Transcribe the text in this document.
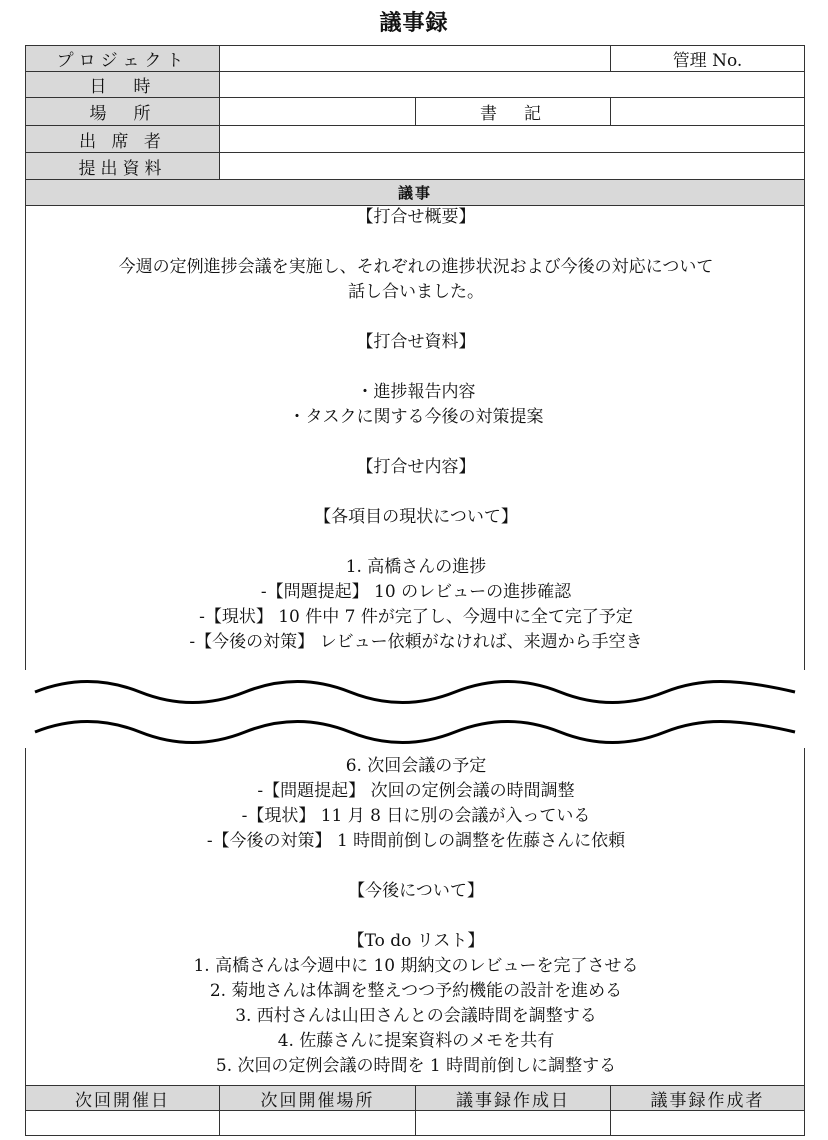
議事録
プロジェクト	管理 No.
日　時
場　所	書　記
出 席 者
提出資料
議事
【打合せ概要】
今週の定例進捗会議を実施し、それぞれの進捗状況および今後の対応について
話し合いました。
【打合せ資料】
・進捗報告内容
・タスクに関する今後の対策提案
【打合せ内容】
【各項目の現状について】
1. 高橋さんの進捗
-【問題提起】 10 のレビューの進捗確認
-【現状】 10 件中 7 件が完了し、今週中に全て完了予定
-【今後の対策】 レビュー依頼がなければ、来週から手空き
6. 次回会議の予定
-【問題提起】 次回の定例会議の時間調整
-【現状】 11 月 8 日に別の会議が入っている
-【今後の対策】 1 時間前倒しの調整を佐藤さんに依頼
【今後について】
【To do リスト】
1. 高橋さんは今週中に 10 期納文のレビューを完了させる
2. 菊地さんは体調を整えつつ予約機能の設計を進める
3. 西村さんは山田さんとの会議時間を調整する
4. 佐藤さんに提案資料のメモを共有
5. 次回の定例会議の時間を 1 時間前倒しに調整する
次回開催日	次回開催場所	議事録作成日	議事録作成者
